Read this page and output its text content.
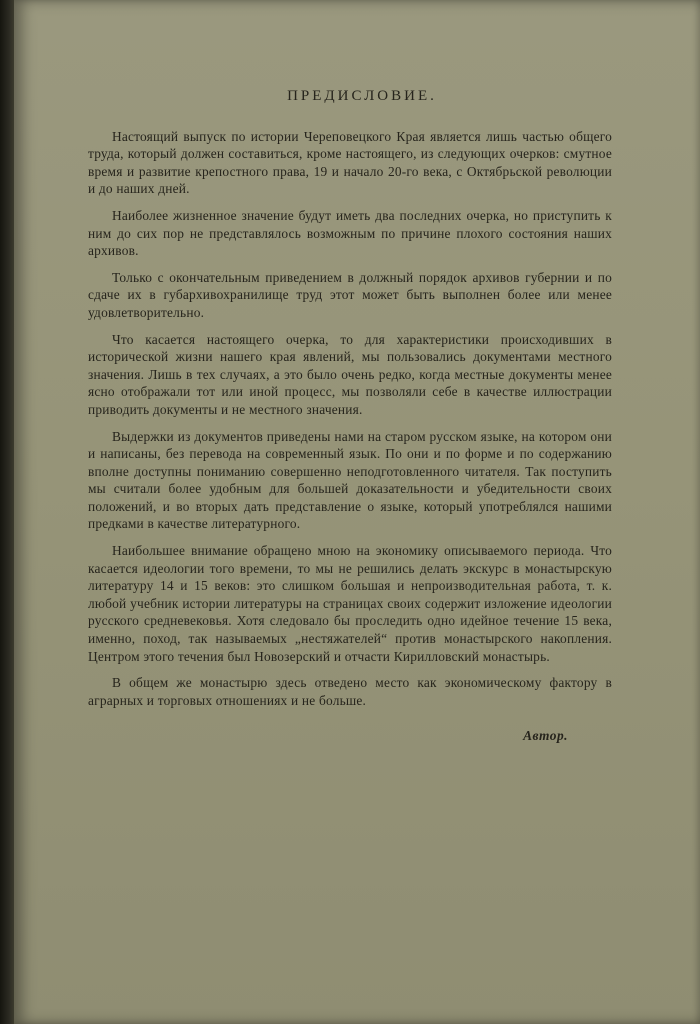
ПРЕДИСЛОВИЕ.

Настоящий выпуск по истории Череповецкого Края является лишь частью общего труда, который должен составиться, кроме настоящего, из следующих очерков: смутное время и развитие крепостного права, 19 и начало 20-го века, с Октябрьской революции и до наших дней.

Наиболее жизненное значение будут иметь два последних очерка, но приступить к ним до сих пор не представлялось возможным по причине плохого состояния наших архивов.

Только с окончательным приведением в должный порядок архивов губернии и по сдаче их в губархивохранилище труд этот может быть выполнен более или менее удовлетворительно.

Что касается настоящего очерка, то для характеристики происходивших в исторической жизни нашего края явлений, мы пользовались документами местного значения. Лишь в тех случаях, а это было очень редко, когда местные документы менее ясно отображали тот или иной процесс, мы позволяли себе в качестве иллюстрации приводить документы и не местного значения.

Выдержки из документов приведены нами на старом русском языке, на котором они и написаны, без перевода на современный язык. По они и по форме и по содержанию вполне доступны пониманию совершенно неподготовленного читателя. Так поступить мы считали более удобным для большей доказательности и убедительности своих положений, и во вторых дать представление о языке, который употреблялся нашими предками в качестве литературного.

Наибольшее внимание обращено мною на экономику описываемого периода. Что касается идеологии того времени, то мы не решились делать экскурс в монастырскую литературу 14 и 15 веков: это слишком большая и непроизводительная работа, т. к. любой учебник истории литературы на страницах своих содержит изложение идеологии русского средневековья. Хотя следовало бы проследить одно идейное течение 15 века, именно, поход, так называемых „нестяжателей“ против монастырского накопления. Центром этого течения был Новозерский и отчасти Кирилловский монастырь.

В общем же монастырю здесь отведено место как экономическому фактору в аграрных и торговых отношениях и не больше.

Автор.
